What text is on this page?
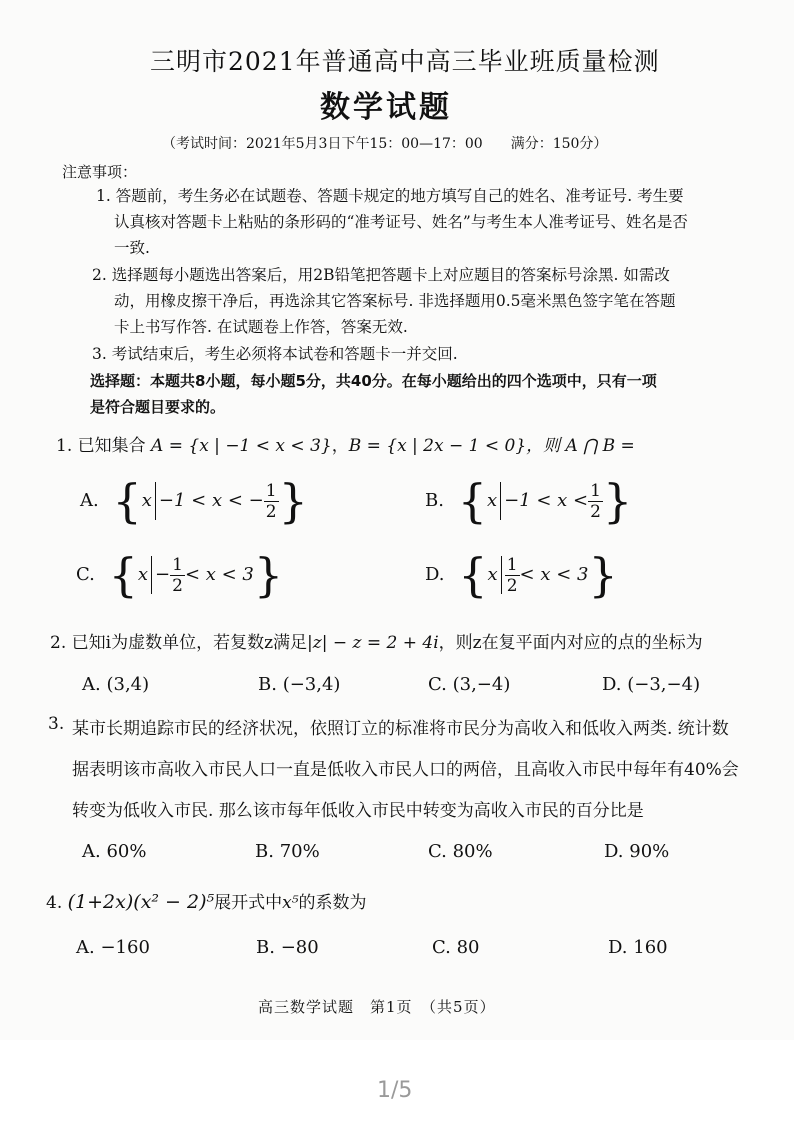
三明市2021年普通高中高三毕业班质量检测
数学试题
（考试时间：2021年5月3日下午15：00—17：00　　满分：150分）
注意事项：
1. 答题前，考生务必在试题卷、答题卡规定的地方填写自己的姓名、准考证号. 考生要
认真核对答题卡上粘贴的条形码的“准考证号、姓名”与考生本人准考证号、姓名是否
一致.
2. 选择题每小题选出答案后，用2B铅笔把答题卡上对应题目的答案标号涂黑. 如需改
动，用橡皮擦干净后，再选涂其它答案标号. 非选择题用0.5毫米黑色签字笔在答题
卡上书写作答. 在试题卷上作答，答案无效.
3. 考试结束后，考生必须将本试卷和答题卡一并交回.
选择题：本题共8小题，每小题5分，共40分。在每小题给出的四个选项中，只有一项
是符合题目要求的。
1. 已知集合 A = {x | −1 < x < 3}，B = {x | 2x − 1 < 0}，则 A ⋂ B =
A. {x −1 < x < − $\frac{1}{2}$ }	B. {$x -1 < x < \frac{1}{2}$ }
C. $\{x - \frac{1}{2} < x < 3\}$	D. $\{x \frac{1}{2} < x < 3\}$
2. 已知i为虚数单位，若复数z满足|z| − z = 2 + 4i，则z在复平面内对应的点的坐标为
A. (3,4)	B. (−3,4)	C. (3,−4)	D. (−3,−4)
3. 某市长期追踪市民的经济状况，依照订立的标准将市民分为高收入和低收入两类. 统计数
据表明该市高收入市民人口一直是低收入市民人口的两倍，且高收入市民中每年有40%会
转变为低收入市民. 那么该市每年低收入市民中转变为高收入市民的百分比是
A. 60%	B. 70%	C. 80%	D. 90%
4. (1+2x)(x² − 2)⁵展开式中x⁵的系数为
A. −160	B. −80	C. 80	D. 160
高三数学试题　第1页　（共5页）
1/5
